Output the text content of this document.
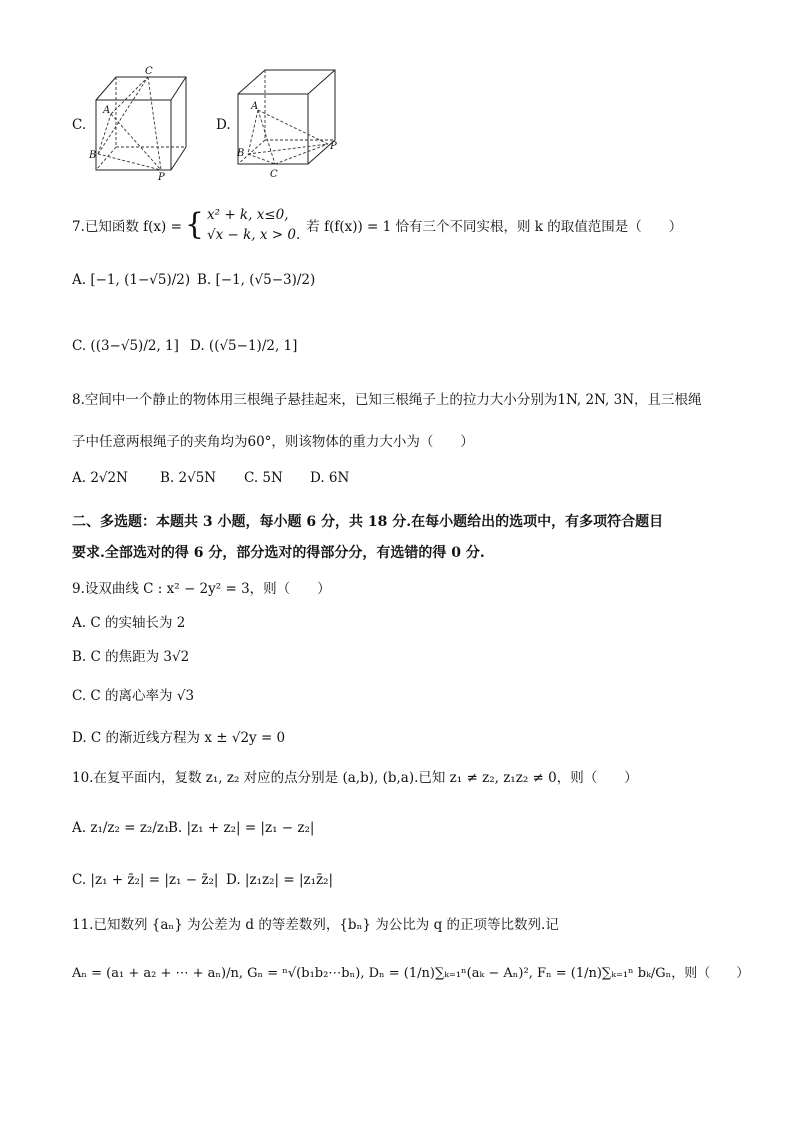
C.
C
A
B
P
D.
A
B
C
P
7.已知函数 f(x) = { x² + k, x≤0,
√x − k, x > 0. 若 f(f(x)) = 1 恰有三个不同实根，则 k 的取值范围是（　　）
A. [−1, (1−√5)/2) B. [−1, (√5−3)/2)
C. ((3−√5)/2, 1] D. ((√5−1)/2, 1]
8.空间中一个静止的物体用三根绳子悬挂起来，已知三根绳子上的拉力大小分别为1N, 2N, 3N，且三根绳
子中任意两根绳子的夹角均为60°，则该物体的重力大小为（　　）
A. 2√2N B. 2√5N C. 5N D. 6N
二、多选题：本题共 3 小题，每小题 6 分，共 18 分.在每小题给出的选项中，有多项符合题目
要求.全部选对的得 6 分，部分选对的得部分分，有选错的得 0 分.
9.设双曲线 C : x² − 2y² = 3，则（　　）
A. C 的实轴长为 2
B. C 的焦距为 3√2
C. C 的离心率为 √3
D. C 的渐近线方程为 x ± √2y = 0
10.在复平面内，复数 z₁, z₂ 对应的点分别是 (a,b), (b,a).已知 z₁ ≠ z₂, z₁z₂ ≠ 0，则（　　）
A. z₁/z₂ = z₂/z₁
B. |z₁ + z₂| = |z₁ − z₂|
C. |z₁ + z̄₂| = |z₁ − z̄₂| D. |z₁z₂| = |z₁z̄₂|
11.已知数列 {aₙ} 为公差为 d 的等差数列，{bₙ} 为公比为 q 的正项等比数列.记
Aₙ = (a₁ + a₂ + ⋯ + aₙ)/n, Gₙ = ⁿ√(b₁b₂⋯bₙ), Dₙ = (1/n)∑ₖ₌₁ⁿ(aₖ − Aₙ)², Fₙ = (1/n)∑ₖ₌₁ⁿ bₖ/Gₙ，则（　　）
